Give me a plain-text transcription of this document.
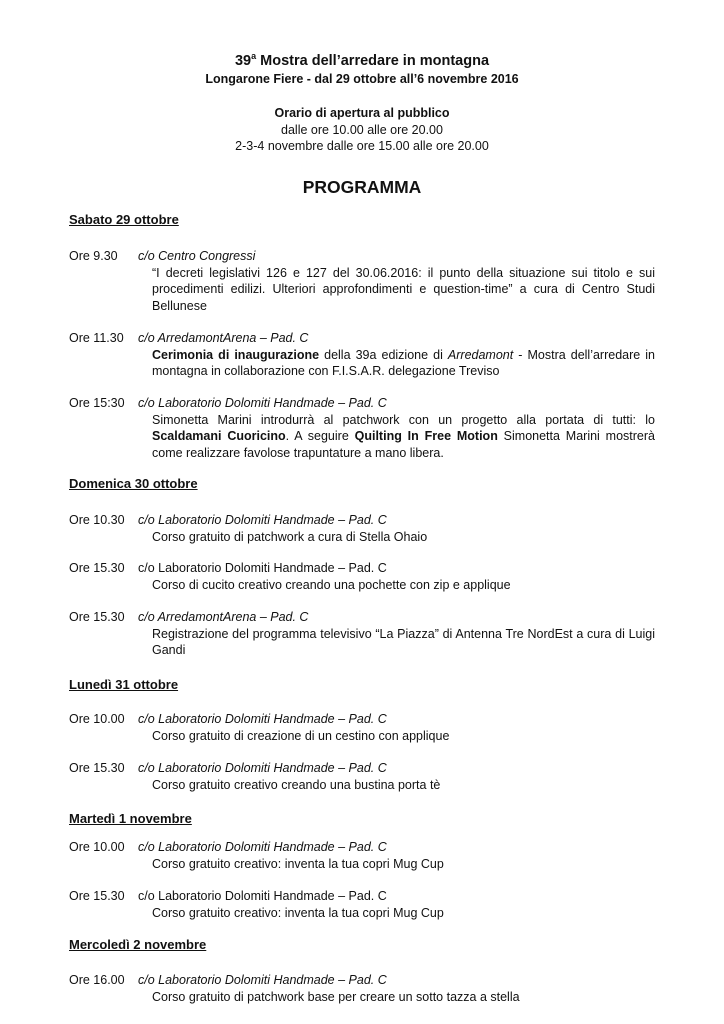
39$^a$ Mostra dell’arredare in montagna
Longarone Fiere - dal 29 ottobre all’6 novembre 2016
Orario di apertura al pubblico
dalle ore 10.00 alle ore 20.00
2-3-4 novembre dalle ore 15.00 alle ore 20.00
PROGRAMMA
Sabato 29 ottobre
Ore 9.30 c/o Centro Congressi
“I decreti legislativi 126 e 127 del 30.06.2016: il punto della situazione sui titolo e sui procedimenti edilizi. Ulteriori approfondimenti e question-time” a cura di Centro Studi Bellunese
Ore 11.30 c/o ArredamontArena – Pad. C
Cerimonia di inaugurazione della 39a edizione di Arredamont - Mostra dell’arredare in montagna in collaborazione con F.I.S.A.R. delegazione Treviso
Ore 15:30 c/o Laboratorio Dolomiti Handmade – Pad. C
Simonetta Marini introdurrà al patchwork con un progetto alla portata di tutti: lo Scaldamani Cuoricino. A seguire Quilting In Free Motion Simonetta Marini mostrerà come realizzare favolose trapuntature a mano libera.
Domenica 30 ottobre
Ore 10.30 c/o Laboratorio Dolomiti Handmade – Pad. C
Corso gratuito di patchwork a cura di Stella Ohaio
Ore 15.30 c/o Laboratorio Dolomiti Handmade – Pad. C
Corso di cucito creativo creando una pochette con zip e applique
Ore 15.30 c/o ArredamontArena – Pad. C
Registrazione del programma televisivo “La Piazza” di Antenna Tre NordEst a cura di Luigi Gandi
Lunedì 31 ottobre
Ore 10.00 c/o Laboratorio Dolomiti Handmade – Pad. C
Corso gratuito di creazione di un cestino con applique
Ore 15.30 c/o Laboratorio Dolomiti Handmade – Pad. C
Corso gratuito creativo creando una bustina porta tè
Martedì 1 novembre
Ore 10.00 c/o Laboratorio Dolomiti Handmade – Pad. C
Corso gratuito creativo: inventa la tua copri Mug Cup
Ore 15.30 c/o Laboratorio Dolomiti Handmade – Pad. C
Corso gratuito creativo: inventa la tua copri Mug Cup
Mercoledì 2 novembre
Ore 16.00 c/o Laboratorio Dolomiti Handmade – Pad. C
Corso gratuito di patchwork base per creare un sotto tazza a stella
